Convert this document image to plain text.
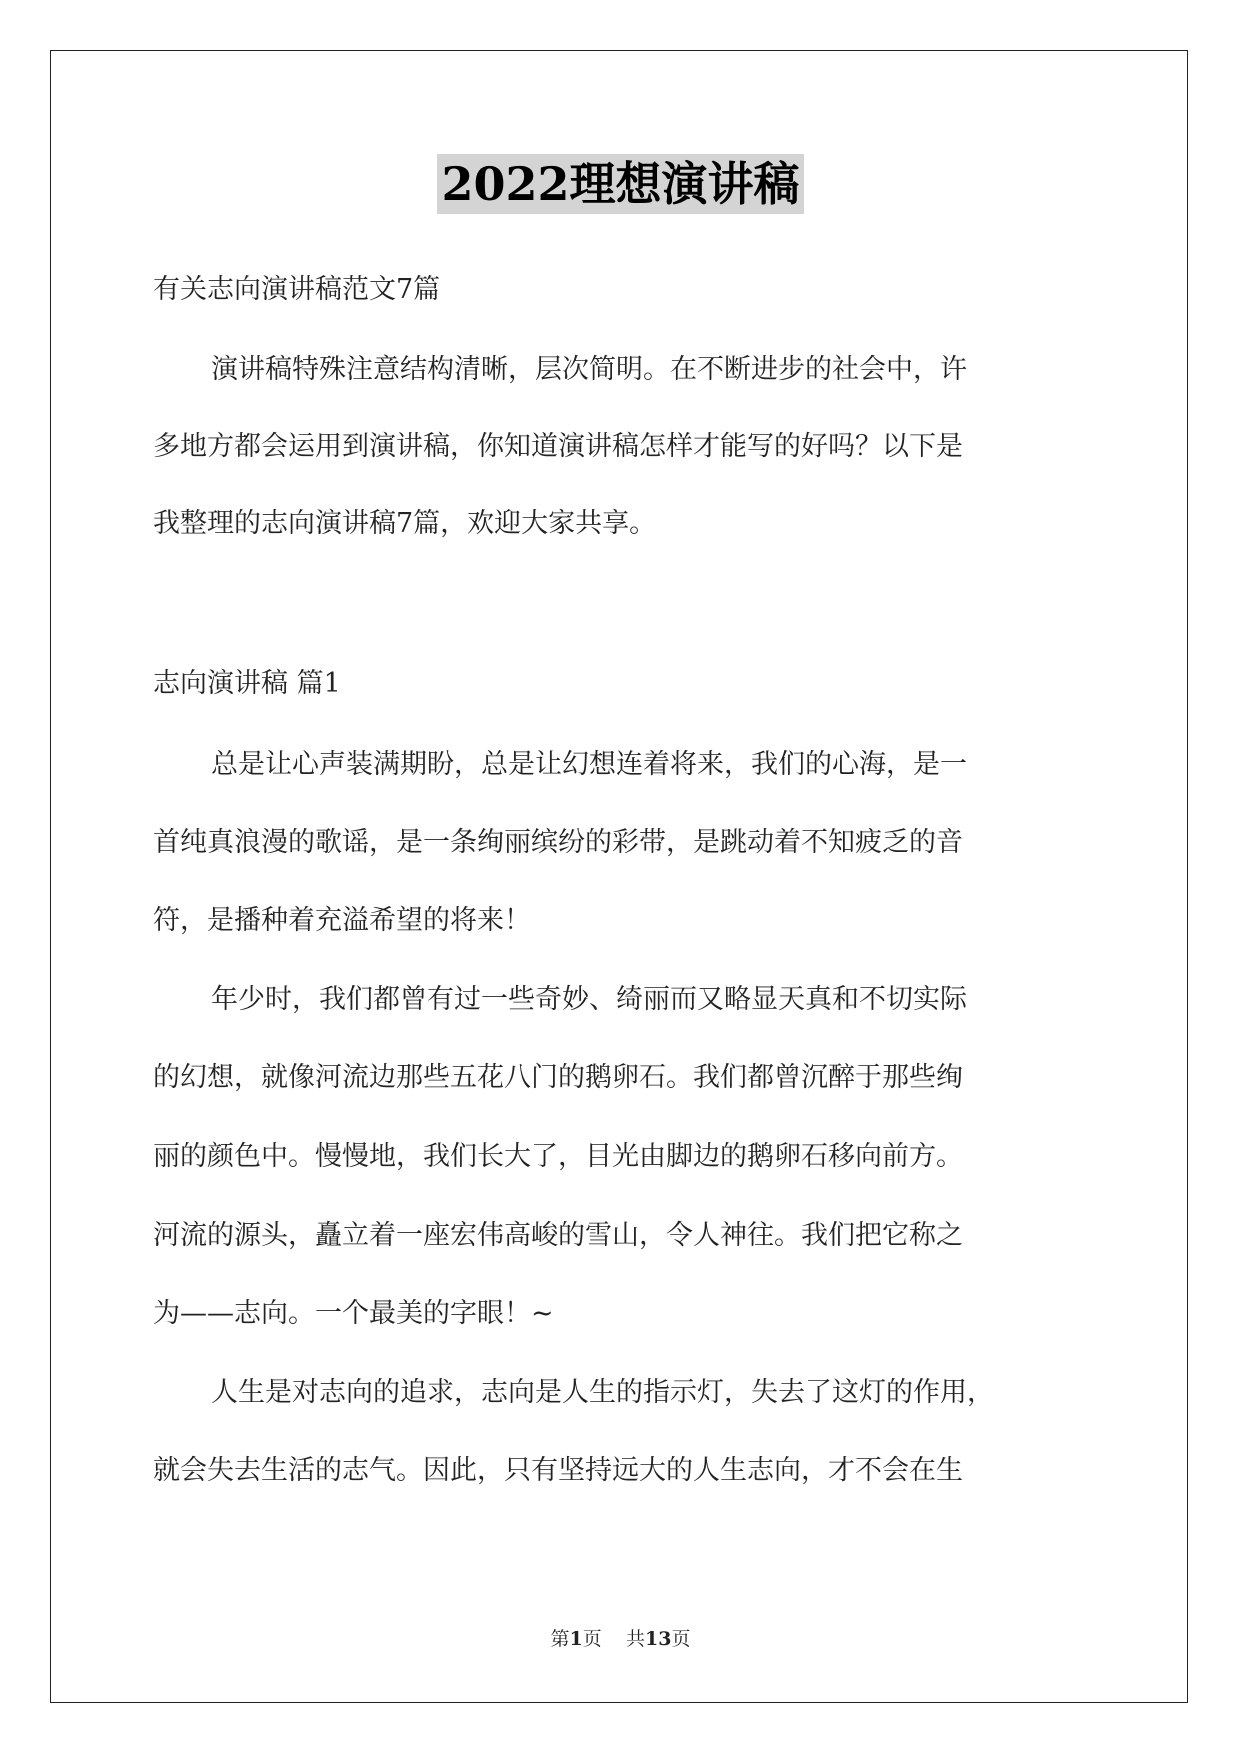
2022理想演讲稿
有关志向演讲稿范文7篇
演讲稿特殊注意结构清晰，层次简明。在不断进步的社会中，许
多地方都会运用到演讲稿，你知道演讲稿怎样才能写的好吗？以下是
我整理的志向演讲稿7篇，欢迎大家共享。
志向演讲稿 篇1
总是让心声装满期盼，总是让幻想连着将来，我们的心海，是一
首纯真浪漫的歌谣，是一条绚丽缤纷的彩带，是跳动着不知疲乏的音
符，是播种着充溢希望的将来！
年少时，我们都曾有过一些奇妙、绮丽而又略显天真和不切实际
的幻想，就像河流边那些五花八门的鹅卵石。我们都曾沉醉于那些绚
丽的颜色中。慢慢地，我们长大了，目光由脚边的鹅卵石移向前方。
河流的源头，矗立着一座宏伟高峻的雪山，令人神往。我们把它称之
为——志向。一个最美的字眼！~
人生是对志向的追求，志向是人生的指示灯，失去了这灯的作用，
就会失去生活的志气。因此，只有坚持远大的人生志向，才不会在生
第1页 共13页
